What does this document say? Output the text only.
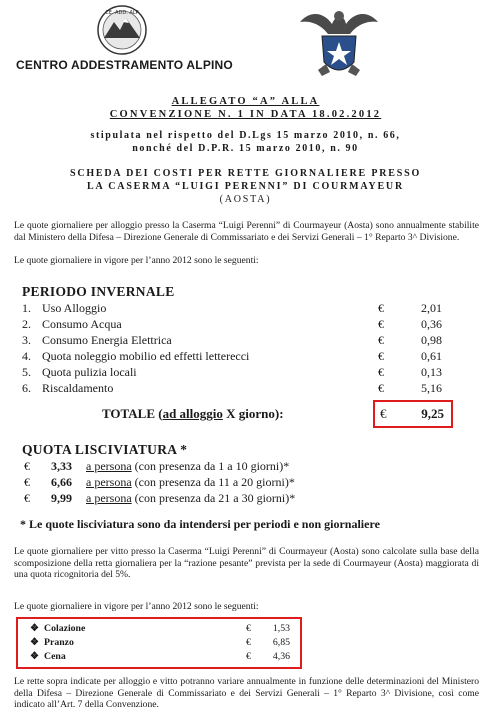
CE. ADD. ALP
CENTRO ADDESTRAMENTO ALPINO
ALLEGATO “A” ALLA
CONVENZIONE N. 1 IN DATA 18.02.2012
stipulata nel rispetto del D.Lgs 15 marzo 2010, n. 66,
nonché del D.P.R. 15 marzo 2010, n. 90
SCHEDA DEI COSTI PER RETTE GIORNALIERE PRESSO
LA CASERMA “LUIGI PERENNI” DI COURMAYEUR
(AOSTA)
Le quote giornaliere per alloggio presso la Caserma “Luigi Perenni” di Courmayeur (Aosta) sono annualmente stabilite dal Ministero della Difesa – Direzione Generale di Commissariato e dei Servizi Generali – 1° Reparto 3^ Divisione.
Le quote giornaliere in vigore per l’anno 2012 sono le seguenti:
PERIODO INVERNALE
1. Uso Alloggio	€	2,01
2. Consumo Acqua	€	0,36
3. Consumo Energia Elettrica	€	0,98
4. Quota noleggio mobilio ed effetti letterecci	€	0,61
5. Quota pulizia locali	€	0,13
6. Riscaldamento	€	5,16
TOTALE (ad alloggio X giorno):	€	9,25
QUOTA LISCIVIATURA *
€ 3,33 a persona (con presenza da 1 a 10 giorni)*
€ 6,66 a persona (con presenza da 11 a 20 giorni)*
€ 9,99 a persona (con presenza da 21 a 30 giorni)*
* Le quote lisciviatura sono da intendersi per periodi e non giornaliere
Le quote giornaliere per vitto presso la Caserma “Luigi Perenni” di Courmayeur (Aosta) sono calcolate sulla base della scomposizione della retta giornaliera per la “razione pesante” prevista per la sede di Courmayeur (Aosta) maggiorata di una quota ricognitoria del 5%.
Le quote giornaliere in vigore per l’anno 2012 sono le seguenti:
❖ Colazione	€	1,53
❖ Pranzo	€	6,85
❖ Cena	€	4,36
Le rette sopra indicate per alloggio e vitto potranno variare annualmente in funzione delle determinazioni del Ministero della Difesa – Direzione Generale di Commissariato e dei Servizi Generali – 1° Reparto 3^ Divisione, così come indicato all’Art. 7 della Convenzione.
